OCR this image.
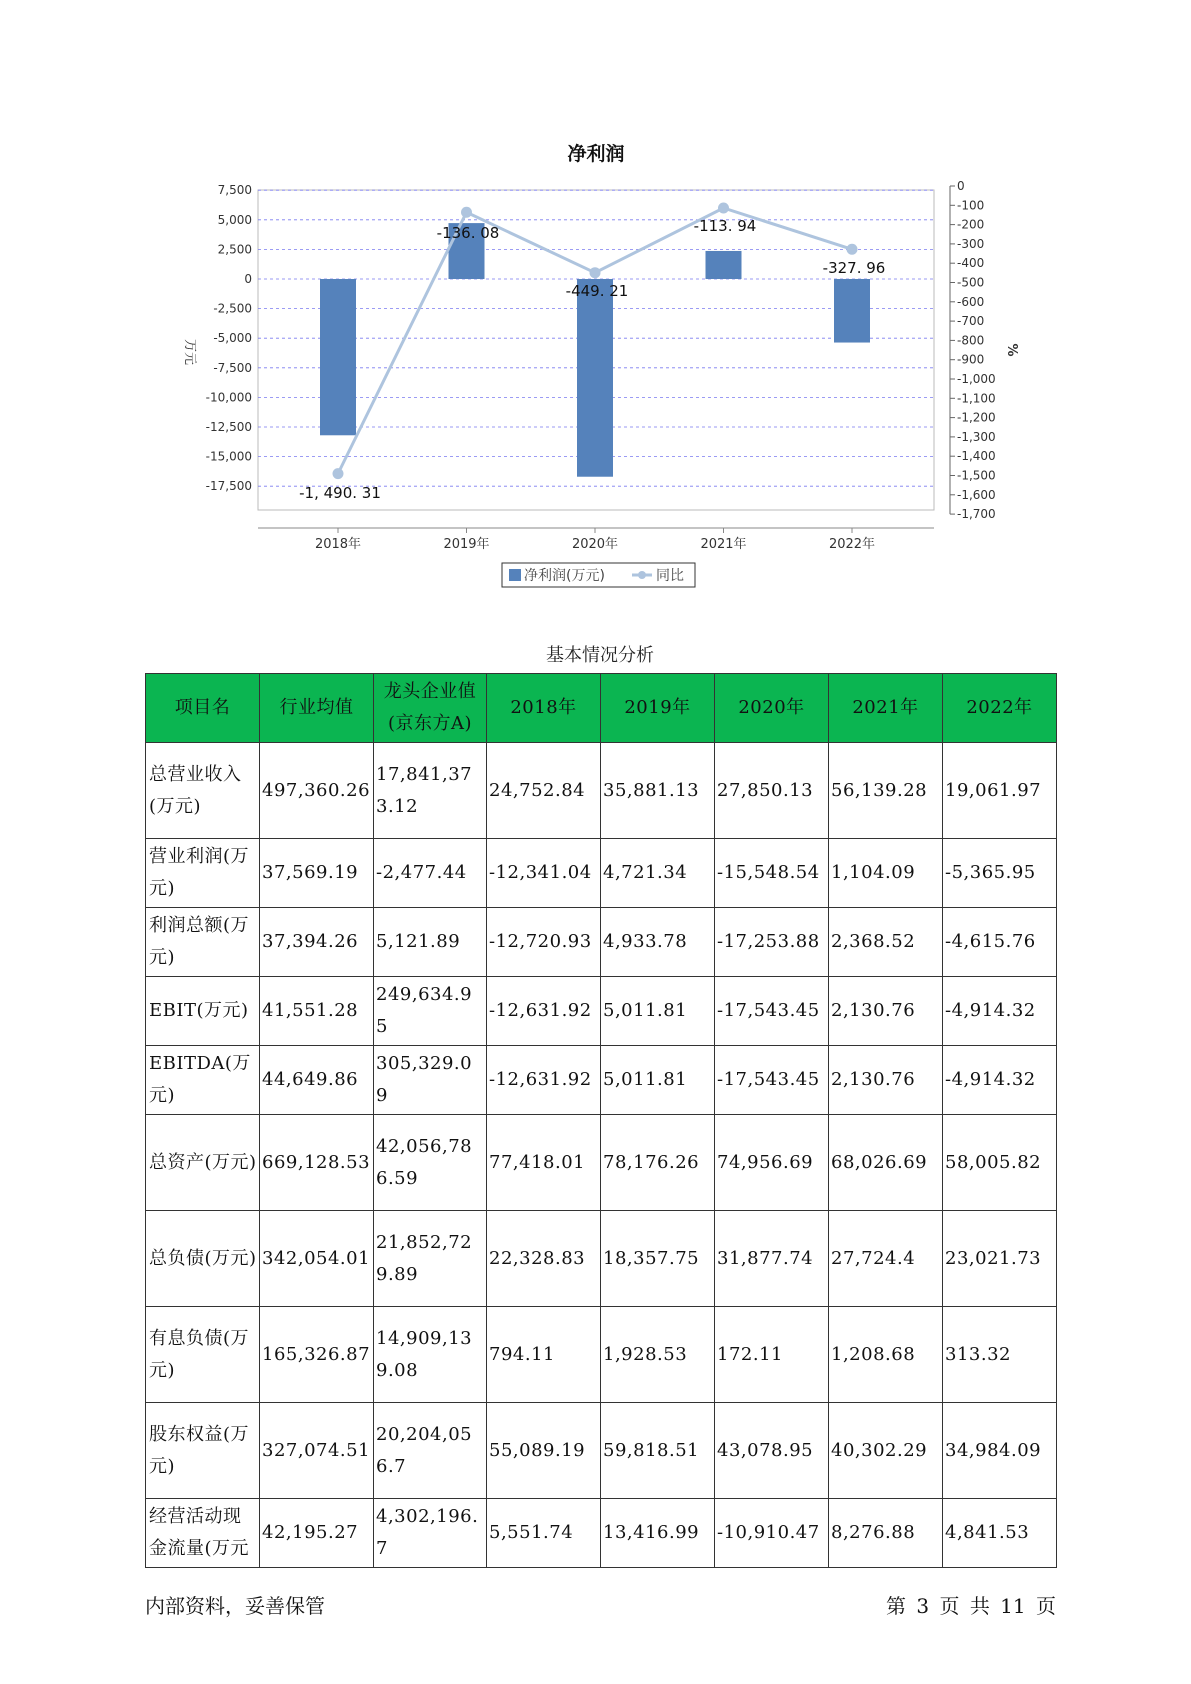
净利润
7,500
5,000
2,500
0
-2,500
-5,000
-7,500
-10,000
-12,500
-15,000
-17,500
0
-100
-200
-300
-400
-500
-600
-700
-800
-900
-1,000
-1,100
-1,200
-1,300
-1,400
-1,500
-1,600
-1,700
万元	%
2018年	2019年	2020年	2021年	2022年
-1, 490. 31
-136. 08
-449. 21
-113. 94
-327. 96
净利润(万元)	同比
基本情况分析
项目名	行业均值	龙头企业值(京东方A)	2018年	2019年	2020年	2021年	2022年
总营业收入(万元)	497,360.26	17,841,373.12	24,752.84	35,881.13	27,850.13	56,139.28	19,061.97
营业利润(万元)	37,569.19	-2,477.44	-12,341.04	4,721.34	-15,548.54	1,104.09	-5,365.95
利润总额(万元)	37,394.26	5,121.89	-12,720.93	4,933.78	-17,253.88	2,368.52	-4,615.76
EBIT(万元)	41,551.28	249,634.95	-12,631.92	5,011.81	-17,543.45	2,130.76	-4,914.32
EBITDA(万元)	44,649.86	305,329.09	-12,631.92	5,011.81	-17,543.45	2,130.76	-4,914.32
总资产(万元)	669,128.53	42,056,786.59	77,418.01	78,176.26	74,956.69	68,026.69	58,005.82
总负债(万元)	342,054.01	21,852,729.89	22,328.83	18,357.75	31,877.74	27,724.4	23,021.73
有息负债(万元)	165,326.87	14,909,139.08	794.11	1,928.53	172.11	1,208.68	313.32
股东权益(万元)	327,074.51	20,204,056.7	55,089.19	59,818.51	43,078.95	40,302.29	34,984.09
经营活动现金流量(万元	42,195.27	4,302,196.7	5,551.74	13,416.99	-10,910.47	8,276.88	4,841.53
内部资料，妥善保管	第 3 页 共 11 页
